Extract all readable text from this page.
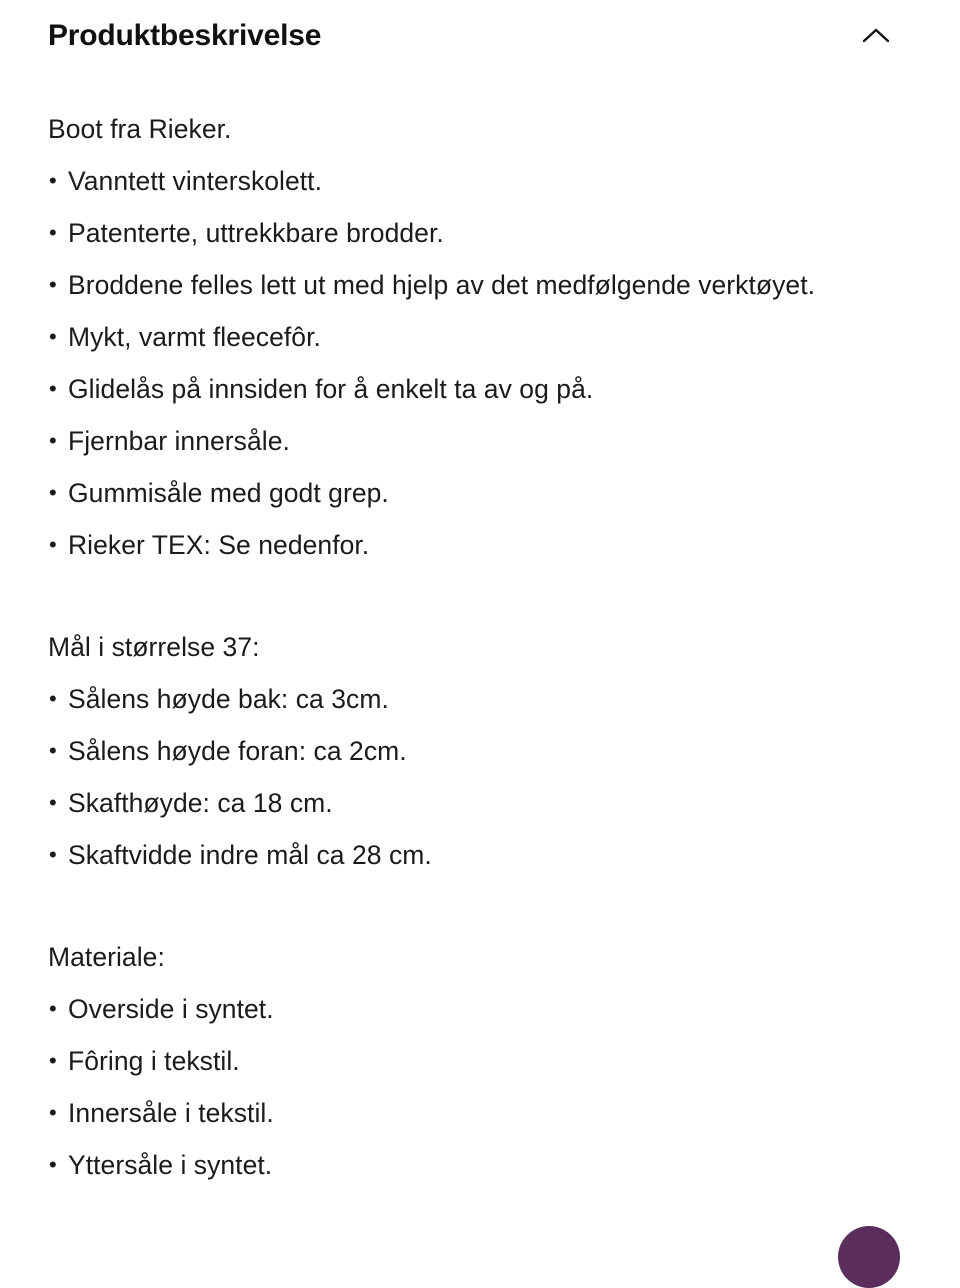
Produktbeskrivelse

Boot fra Rieker.

• Vanntett vinterskolett.

• Patenterte, uttrekkbare brodder.

• Broddene felles lett ut med hjelp av det medfølgende verktøyet.

• Mykt, varmt fleecefôr.

• Glidelås på innsiden for å enkelt ta av og på.

• Fjernbar innersåle.

• Gummisåle med godt grep.

• Rieker TEX: Se nedenfor.

Mål i størrelse 37:

• Sålens høyde bak: ca 3cm.

• Sålens høyde foran: ca 2cm.

• Skafthøyde: ca 18 cm.

• Skaftvidde indre mål ca 28 cm.

Materiale:

• Overside i syntet.

• Fôring i tekstil.

• Innersåle i tekstil.

• Yttersåle i syntet.
